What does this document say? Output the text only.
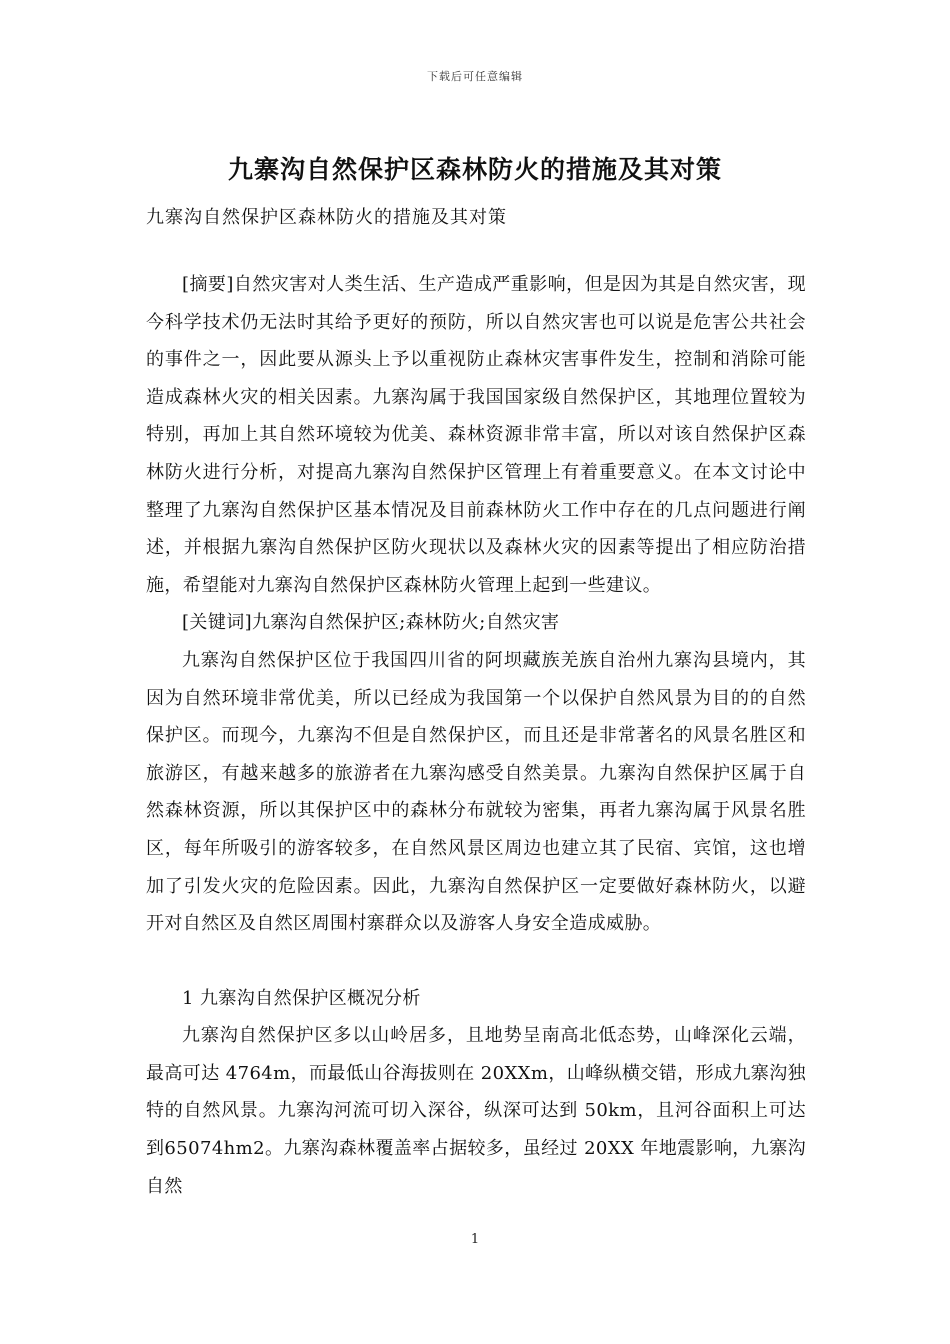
下载后可任意编辑
九寨沟自然保护区森林防火的措施及其对策
九寨沟自然保护区森林防火的措施及其对策

[摘要]自然灾害对人类生活、生产造成严重影响，但是因为其是自然灾害，现今科学技术仍无法时其给予更好的预防，所以自然灾害也可以说是危害公共社会的事件之一，因此要从源头上予以重视防止森林灾害事件发生，控制和消除可能造成森林火灾的相关因素。九寨沟属于我国国家级自然保护区，其地理位置较为特别，再加上其自然环境较为优美、森林资源非常丰富，所以对该自然保护区森林防火进行分析，对提高九寨沟自然保护区管理上有着重要意义。在本文讨论中整理了九寨沟自然保护区基本情况及目前森林防火工作中存在的几点问题进行阐述，并根据九寨沟自然保护区防火现状以及森林火灾的因素等提出了相应防治措施，希望能对九寨沟自然保护区森林防火管理上起到一些建议。

[关键词]九寨沟自然保护区;森林防火;自然灾害

九寨沟自然保护区位于我国四川省的阿坝藏族羌族自治州九寨沟县境内，其因为自然环境非常优美，所以已经成为我国第一个以保护自然风景为目的的自然保护区。而现今，九寨沟不但是自然保护区，而且还是非常著名的风景名胜区和旅游区，有越来越多的旅游者在九寨沟感受自然美景。九寨沟自然保护区属于自然森林资源，所以其保护区中的森林分布就较为密集，再者九寨沟属于风景名胜区，每年所吸引的游客较多，在自然风景区周边也建立其了民宿、宾馆，这也增加了引发火灾的危险因素。因此，九寨沟自然保护区一定要做好森林防火，以避开对自然区及自然区周围村寨群众以及游客人身安全造成威胁。

1 九寨沟自然保护区概况分析

九寨沟自然保护区多以山岭居多，且地势呈南高北低态势，山峰深化云端，最高可达 4764m，而最低山谷海拔则在 20XXm，山峰纵横交错，形成九寨沟独特的自然风景。九寨沟河流可切入深谷，纵深可达到 50km，且河谷面积上可达到65074hm2。九寨沟森林覆盖率占据较多，虽经过 20XX 年地震影响，九寨沟自然

1
